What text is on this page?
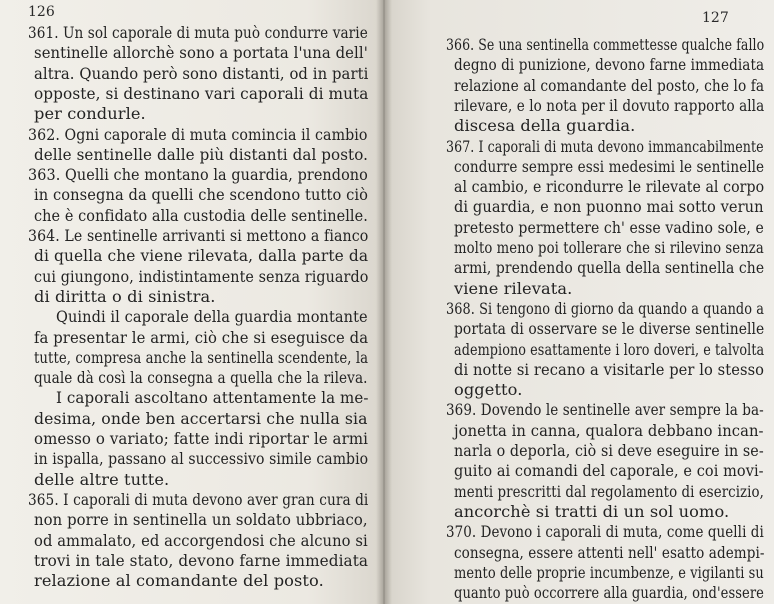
126
361. Un sol caporale di muta può condurre varie
sentinelle allorchè sono a portata l'una dell'
altra. Quando però sono distanti, od in parti
opposte, si destinano vari caporali di muta
per condurle.
362. Ogni caporale di muta comincia il cambio
delle sentinelle dalle più distanti dal posto.
363. Quelli che montano la guardia, prendono
in consegna da quelli che scendono tutto ciò
che è confidato alla custodia delle sentinelle.
364. Le sentinelle arrivanti si mettono a fianco
di quella che viene rilevata, dalla parte da
cui giungono, indistintamente senza riguardo
di diritta o di sinistra.
Quindi il caporale della guardia montante
fa presentar le armi, ciò che si eseguisce da
tutte, compresa anche la sentinella scendente, la
quale dà così la consegna a quella che la rileva.
I caporali ascoltano attentamente la me-
desima, onde ben accertarsi che nulla sia
omesso o variato; fatte indi riportar le armi
in ispalla, passano al successivo simile cambio
delle altre tutte.
365. I caporali di muta devono aver gran cura di
non porre in sentinella un soldato ubbriaco,
od ammalato, ed accorgendosi che alcuno si
trovi in tale stato, devono farne immediata
relazione al comandante del posto.
127
366. Se una sentinella commettesse qualche fallo
degno di punizione, devono farne immediata
relazione al comandante del posto, che lo fa
rilevare, e lo nota per il dovuto rapporto alla
discesa della guardia.
367. I caporali di muta devono immancabilmente
condurre sempre essi medesimi le sentinelle
al cambio, e ricondurre le rilevate al corpo
di guardia, e non puonno mai sotto verun
pretesto permettere ch' esse vadino sole, e
molto meno poi tollerare che si rilevino senza
armi, prendendo quella della sentinella che
viene rilevata.
368. Si tengono di giorno da quando a quando a
portata di osservare se le diverse sentinelle
adempiono esattamente i loro doveri, e talvolta
di notte si recano a visitarle per lo stesso
oggetto.
369. Dovendo le sentinelle aver sempre la ba-
jonetta in canna, qualora debbano incan-
narla o deporla, ciò si deve eseguire in se-
guito ai comandi del caporale, e coi movi-
menti prescritti dal regolamento di esercizio,
ancorchè si tratti di un sol uomo.
370. Devono i caporali di muta, come quelli di
consegna, essere attenti nell' esatto adempi-
mento delle proprie incumbenze, e vigilanti su
quanto può occorrere alla guardia, ond'essere
